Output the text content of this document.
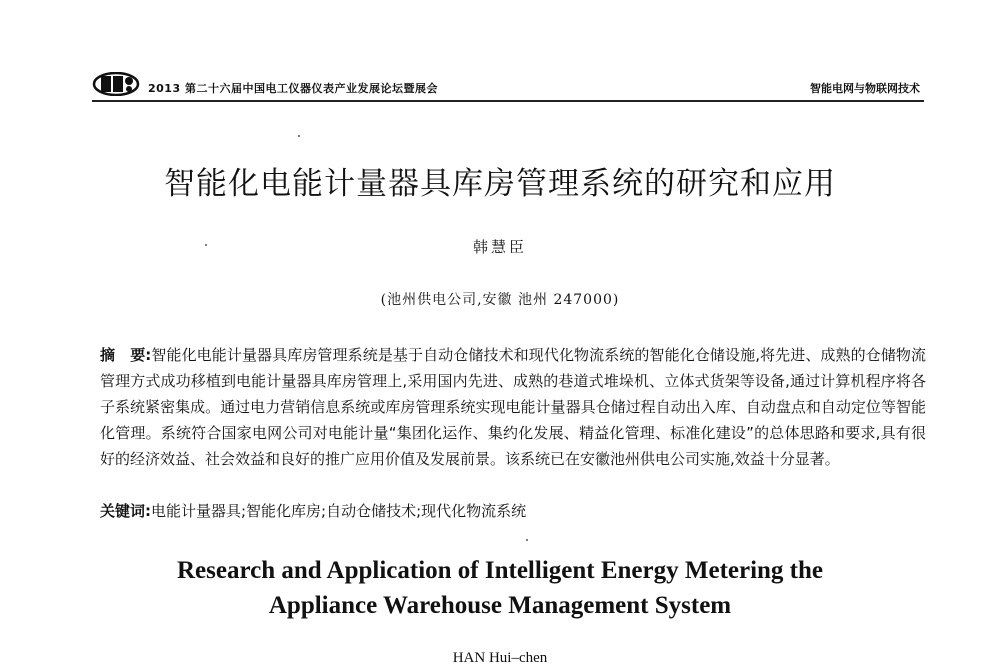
2013 第二十六届中国电工仪器仪表产业发展论坛暨展会	智能电网与物联网技术
智能化电能计量器具库房管理系统的研究和应用
韩慧臣
(池州供电公司,安徽 池州 247000)
摘　要:智能化电能计量器具库房管理系统是基于自动仓储技术和现代化物流系统的智能化仓储设施,将先进、成熟的仓储物流管理方式成功移植到电能计量器具库房管理上,采用国内先进、成熟的巷道式堆垛机、立体式货架等设备,通过计算机程序将各子系统紧密集成。通过电力营销信息系统或库房管理系统实现电能计量器具仓储过程自动出入库、自动盘点和自动定位等智能化管理。系统符合国家电网公司对电能计量“集团化运作、集约化发展、精益化管理、标准化建设”的总体思路和要求,具有很好的经济效益、社会效益和良好的推广应用价值及发展前景。该系统已在安徽池州供电公司实施,效益十分显著。
关键词:电能计量器具;智能化库房;自动仓储技术;现代化物流系统
Research and Application of Intelligent Energy Metering the
Appliance Warehouse Management System
HAN Hui–chen
